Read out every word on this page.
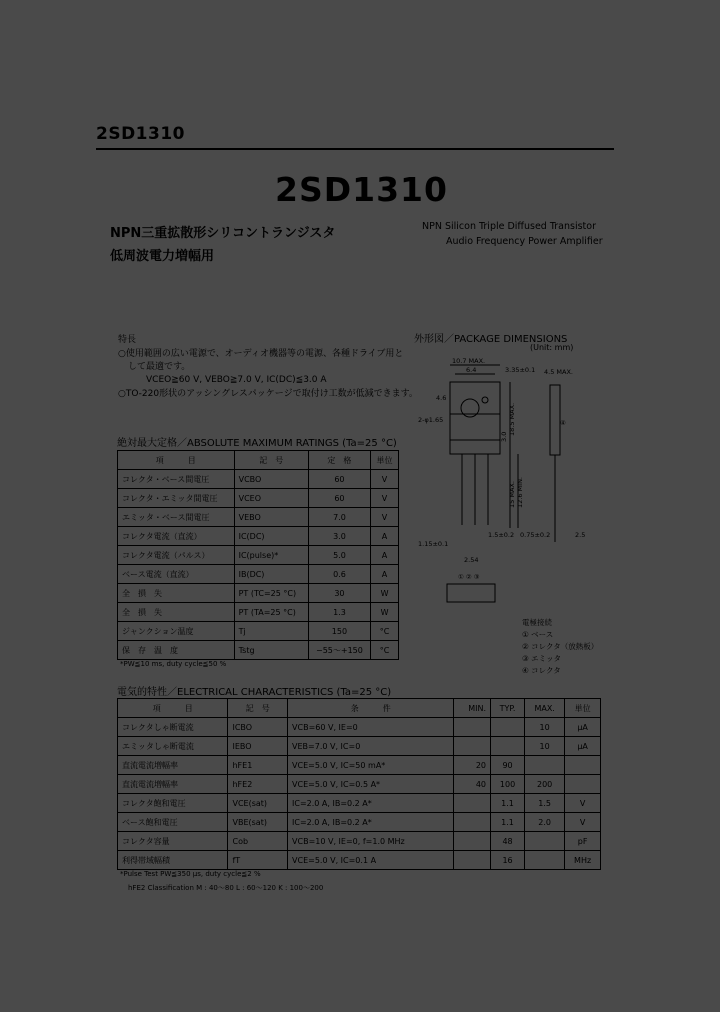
2SD1310
2SD1310
NPN三重拡散形シリコントランジスタ
低周波電力増幅用
NPN Silicon Triple Diffused Transistor
Audio Frequency Power Amplifier
特長
○使用範囲の広い電源で、オーディオ機器等の電源、各種ドライブ用と
して最適です。
VCEO≧60 V, VEBO≧7.0 V, IC(DC)≦3.0 A
○TO-220形状のアッシングレスパッケージで取付け工数が低減できます。
外形図／PACKAGE DIMENSIONS
(Unit: mm)
10.7 MAX.
6.4	3.35±0.1 4.5 MAX.
4.6
2-φ1.65	18.5 MAX.
3.0
15 MAX. 12.6 MIN.
1.15±0.1
1.5±0.2
2.54
0.75±0.2	2.5
④
① ② ③
電極接続
① ベース
② コレクタ（放熱板）
③ エミッタ
④ コレクタ
絶対最大定格／ABSOLUTE MAXIMUM RATINGS (Ta=25 °C)
項　　　目	記　号	定　格	単位
コレクタ・ベース間電圧	VCBO	60	V
コレクタ・エミッタ間電圧	VCEO	60	V
エミッタ・ベース間電圧	VEBO	7.0	V
コレクタ電流（直流）	IC(DC)	3.0	A
コレクタ電流（パルス）	IC(pulse)*	5.0	A
ベース電流（直流）	IB(DC)	0.6	A
全　損　失	PT (TC=25 °C)	30	W
全　損　失	PT (TA=25 °C)	1.3	W
ジャンクション温度	Tj	150	°C
保　存　温　度	Tstg	−55〜+150	°C
*PW≦10 ms, duty cycle≦50 %
電気的特性／ELECTRICAL CHARACTERISTICS (Ta=25 °C)
項　　　目	記　号	条　　　件	MIN.	TYP.	MAX.	単位
コレクタしゃ断電流	ICBO	VCB=60 V, IE=0			10	μA
エミッタしゃ断電流	IEBO	VEB=7.0 V, IC=0			10	μA
直流電流増幅率	hFE1	VCE=5.0 V, IC=50 mA*	20	90		
直流電流増幅率	hFE2	VCE=5.0 V, IC=0.5 A*	40	100	200	
コレクタ飽和電圧	VCE(sat)	IC=2.0 A, IB=0.2 A*		1.1	1.5	V
ベース飽和電圧	VBE(sat)	IC=2.0 A, IB=0.2 A*		1.1	2.0	V
コレクタ容量	Cob	VCB=10 V, IE=0, f=1.0 MHz		48		pF
利得帯域幅積	fT	VCE=5.0 V, IC=0.1 A		16		MHz
*Pulse Test PW≦350 μs, duty cycle≦2 %
hFE2 Classification M : 40〜80 L : 60〜120 K : 100〜200
